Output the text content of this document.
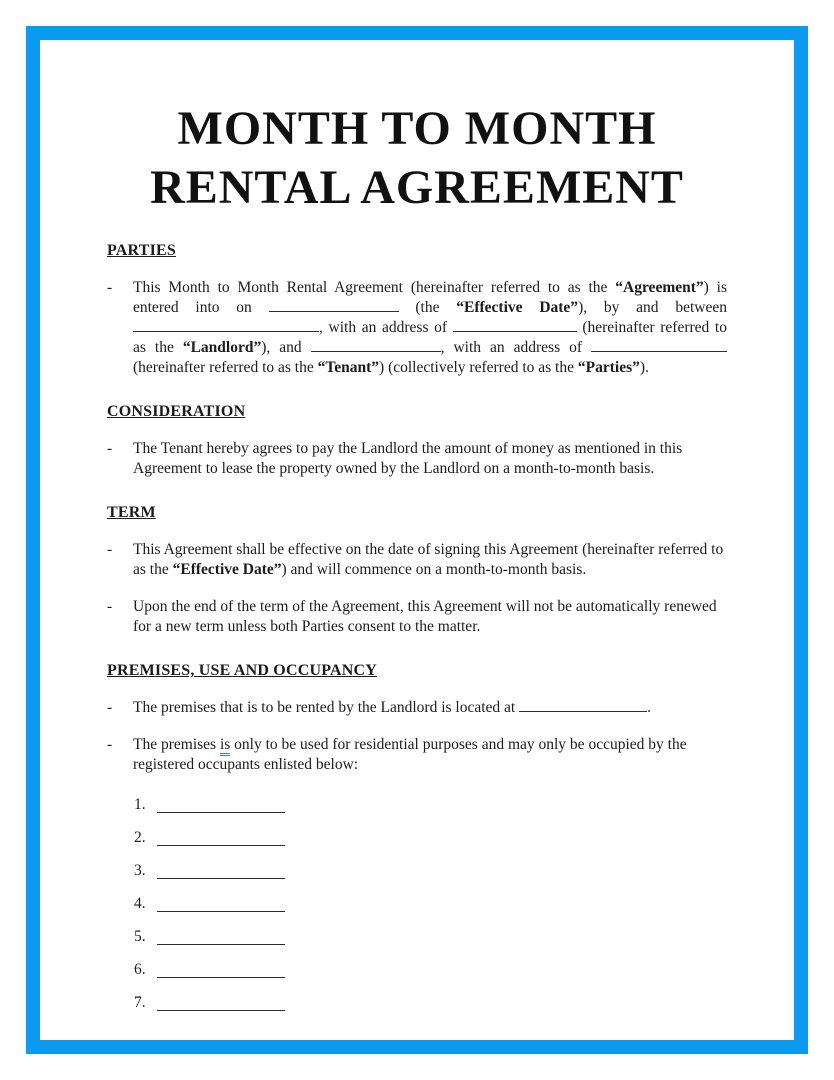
MONTH TO MONTH
RENTAL AGREEMENT
PARTIES
-	This Month to Month Rental Agreement (hereinafter referred to as the “Agreement”) is entered into on	(the “Effective Date”), by and between , with an address of	(hereinafter referred to as the “Landlord”), and	, with an address of  (hereinafter referred to as the “Tenant”) (collectively referred to as the “Parties”).

CONSIDERATION
-	The Tenant hereby agrees to pay the Landlord the amount of money as mentioned in this Agreement to lease the property owned by the Landlord on a month-to-month basis.

TERM
-	This Agreement shall be effective on the date of signing this Agreement (hereinafter referred to as the “Effective Date”) and will commence on a month-to-month basis.

-	Upon the end of the term of the Agreement, this Agreement will not be automatically renewed for a new term unless both Parties consent to the matter.

PREMISES, USE AND OCCUPANCY
-	The premises that is to be rented by the Landlord is located at	.

-	The premises is only to be used for residential purposes and may only be occupied by the registered occupants enlisted below:

1.
2.
3.
4.
5.
6.
7.
